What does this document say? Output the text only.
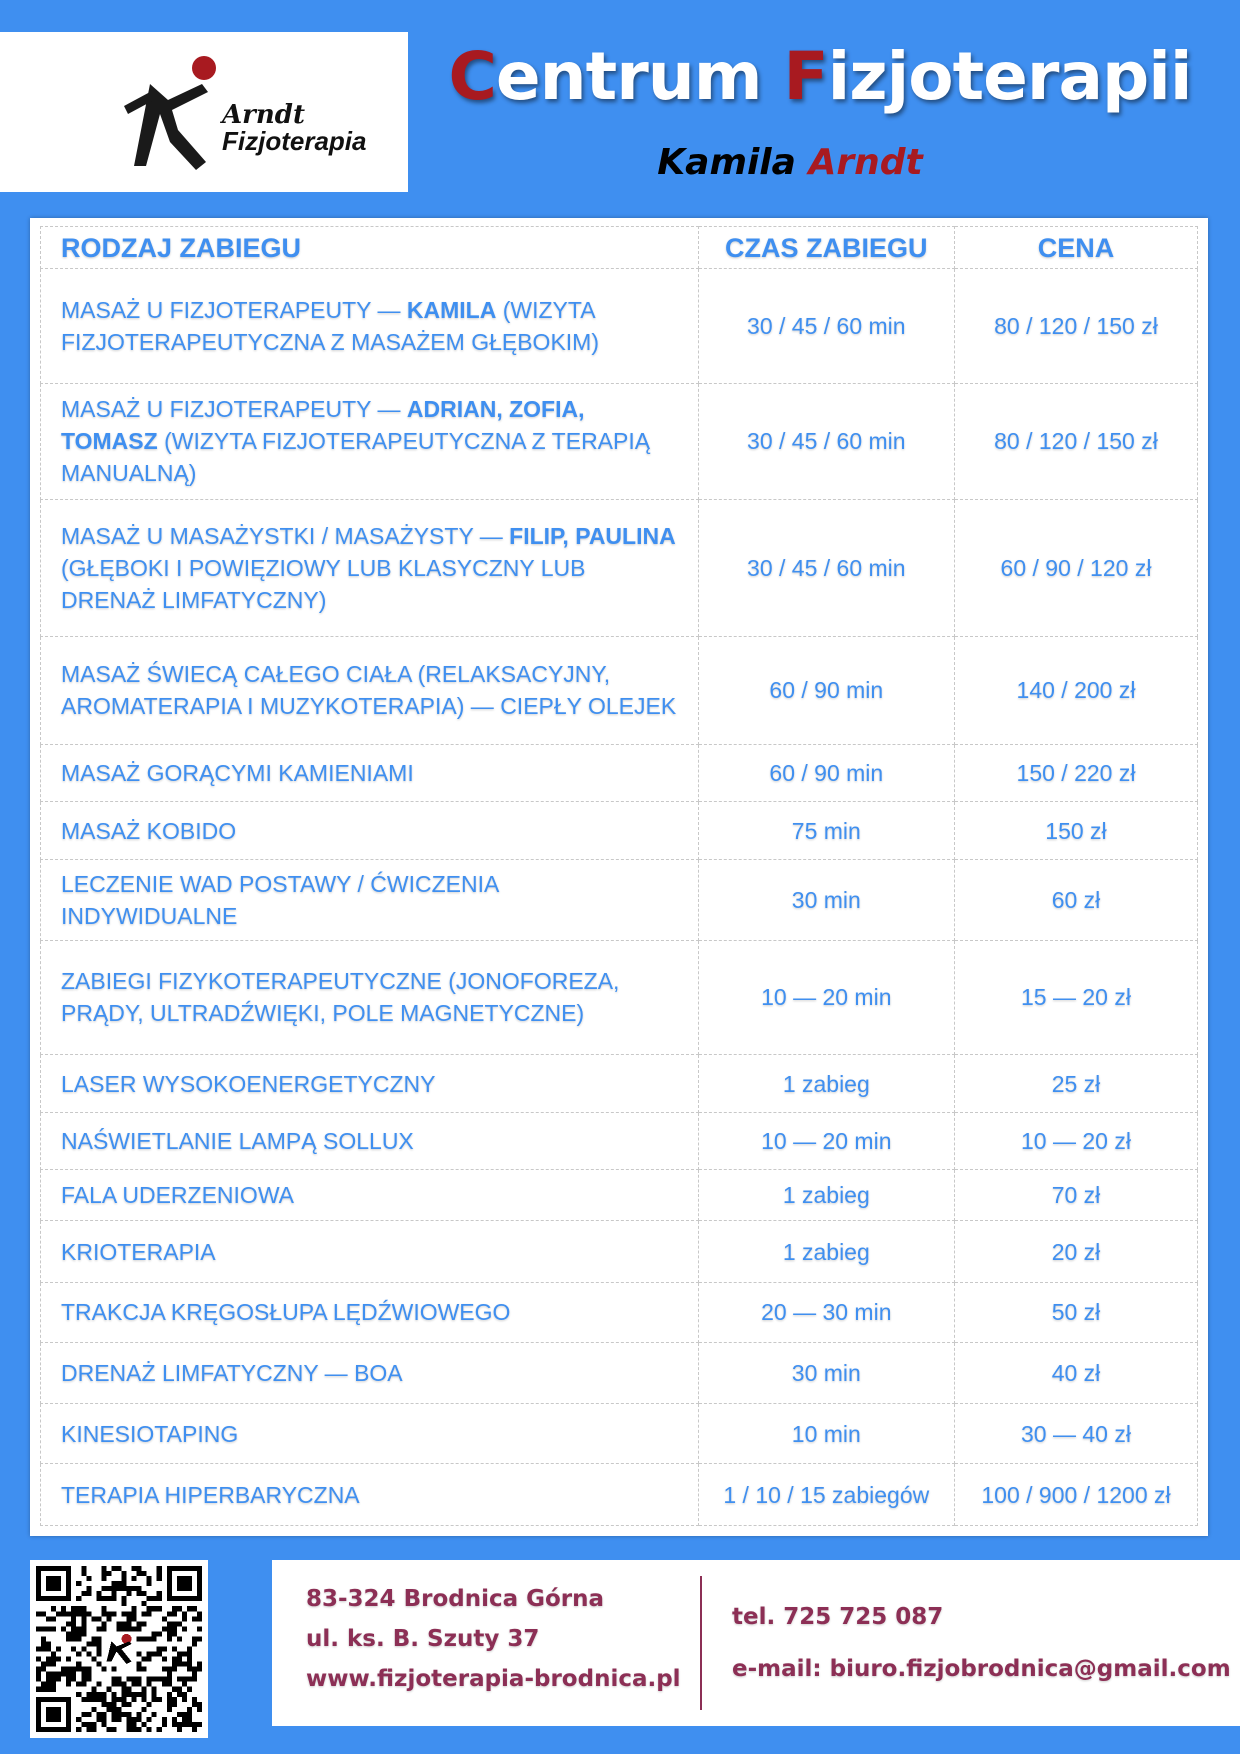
Arndt
Fizjoterapia
Centrum Fizjoterapii
Kamila Arndt
RODZAJ ZABIEGU	CZAS ZABIEGU	CENA
MASAŻ U FIZJOTERAPEUTY — KAMILA (WIZYTA FIZJOTERAPEUTYCZNA Z MASAŻEM GŁĘBOKIM)	30 / 45 / 60 min	80 / 120 / 150 zł
MASAŻ U FIZJOTERAPEUTY — ADRIAN, ZOFIA, TOMASZ (WIZYTA FIZJOTERAPEUTYCZNA Z TERAPIĄ MANUALNĄ)	30 / 45 / 60 min	80 / 120 / 150 zł
MASAŻ U MASAŻYSTKI / MASAŻYSTY — FILIP, PAULINA (GŁĘBOKI I POWIĘZIOWY LUB KLASYCZNY LUB DRENAŻ LIMFATYCZNY)	30 / 45 / 60 min	60 / 90 / 120 zł
MASAŻ ŚWIECĄ CAŁEGO CIAŁA (RELAKSACYJNY, AROMATERAPIA I MUZYKOTERAPIA) — CIEPŁY OLEJEK	60 / 90 min	140 / 200 zł
MASAŻ GORĄCYMI KAMIENIAMI	60 / 90 min	150 / 220 zł
MASAŻ KOBIDO	75 min	150 zł
LECZENIE WAD POSTAWY / ĆWICZENIA INDYWIDUALNE	30 min	60 zł
ZABIEGI FIZYKOTERAPEUTYCZNE (JONOFOREZA, PRĄDY, ULTRADŹWIĘKI, POLE MAGNETYCZNE)	10 — 20 min	15 — 20 zł
LASER WYSOKOENERGETYCZNY	1 zabieg	25 zł
NAŚWIETLANIE LAMPĄ SOLLUX	10 — 20 min	10 — 20 zł
FALA UDERZENIOWA	1 zabieg	70 zł
KRIOTERAPIA	1 zabieg	20 zł
TRAKCJA KRĘGOSŁUPA LĘDŹWIOWEGO	20 — 30 min	50 zł
DRENAŻ LIMFATYCZNY — BOA	30 min	40 zł
KINESIOTAPING	10 min	30 — 40 zł
TERAPIA HIPERBARYCZNA	1 / 10 / 15 zabiegów	100 / 900 / 1200 zł
83-324 Brodnica Górna
ul. ks. B. Szuty 37
www.fizjoterapia-brodnica.pl
tel. 725 725 087
e-mail: biuro.fizjobrodnica@gmail.com
